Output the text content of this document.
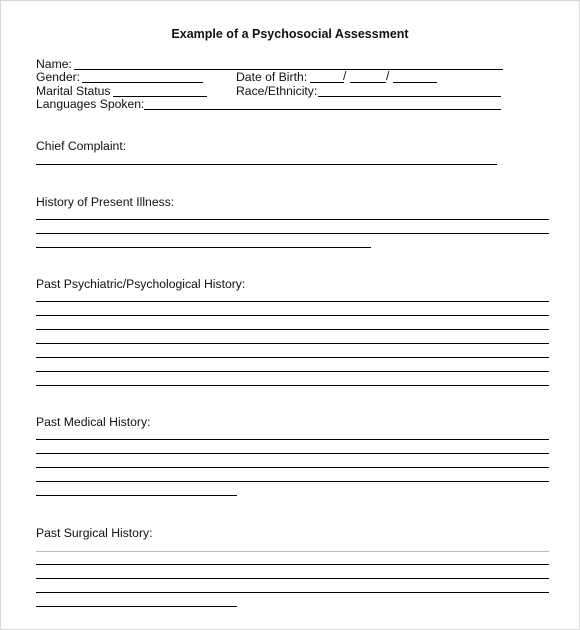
Example of a Psychosocial Assessment
Name:
Gender:	Date of Birth:	/	/
Marital Status	Race/Ethnicity:
Languages Spoken:
Chief Complaint:
History of Present Illness:
Past Psychiatric/Psychological History:
Past Medical History:
Past Surgical History:
